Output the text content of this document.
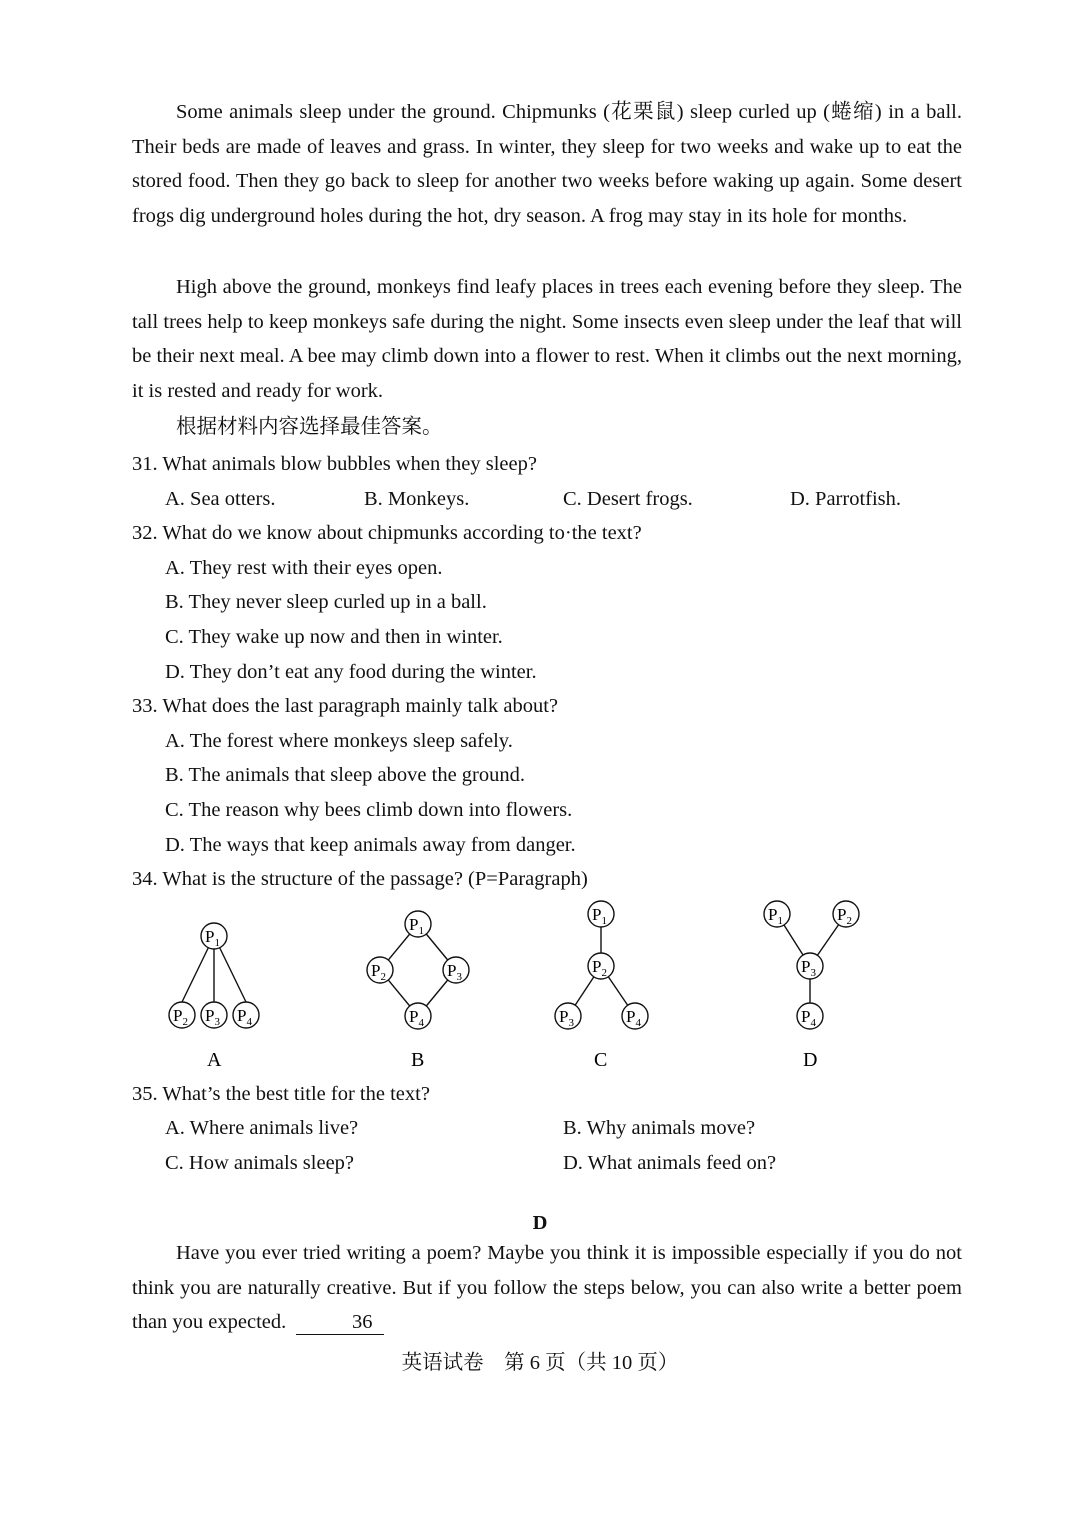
Some animals sleep under the ground. Chipmunks (花栗鼠) sleep curled up (蜷缩) in a ball. Their beds are made of leaves and grass. In winter, they sleep for two weeks and wake up to eat the stored food. Then they go back to sleep for another two weeks before waking up again. Some desert frogs dig underground holes during the hot, dry season. A frog may stay in its hole for months.

High above the ground, monkeys find leafy places in trees each evening before they sleep. The tall trees help to keep monkeys safe during the night. Some insects even sleep under the leaf that will be their next meal. A bee may climb down into a flower to rest. When it climbs out the next morning, it is rested and ready for work.

根据材料内容选择最佳答案。

31. What animals blow bubbles when they sleep?

A. Sea otters.	B. Monkeys.	C. Desert frogs.	D. Parrotfish.

32. What do we know about chipmunks according to·the text?

A. They rest with their eyes open.

B. They never sleep curled up in a ball.

C. They wake up now and then in winter.

D. They don’t eat any food during the winter.

33. What does the last paragraph mainly talk about?

A. The forest where monkeys sleep safely.

B. The animals that sleep above the ground.

C. The reason why bees climb down into flowers.

D. The ways that keep animals away from danger.

34. What is the structure of the passage? (P=Paragraph)

$P_1$
$P_2$ $P_3$ $P_4$
A
$P_1$
$P_2$	$P_3$
$P_4$
B
$P_1$
$P_2$
$P_3$	$P_4$
C
$P_1$	$P_2$
$P_3$
$P_4$
D

35. What’s the best title for the text?

A. Where animals live?	B. Why animals move?
C. How animals sleep?	D. What animals feed on?
D

Have you ever tried writing a poem? Maybe you think it is impossible especially if you do not think you are naturally creative. But if you follow the steps below, you can also write a better poem than you expected.	36

英语试卷　第 6 页（共 10 页）
